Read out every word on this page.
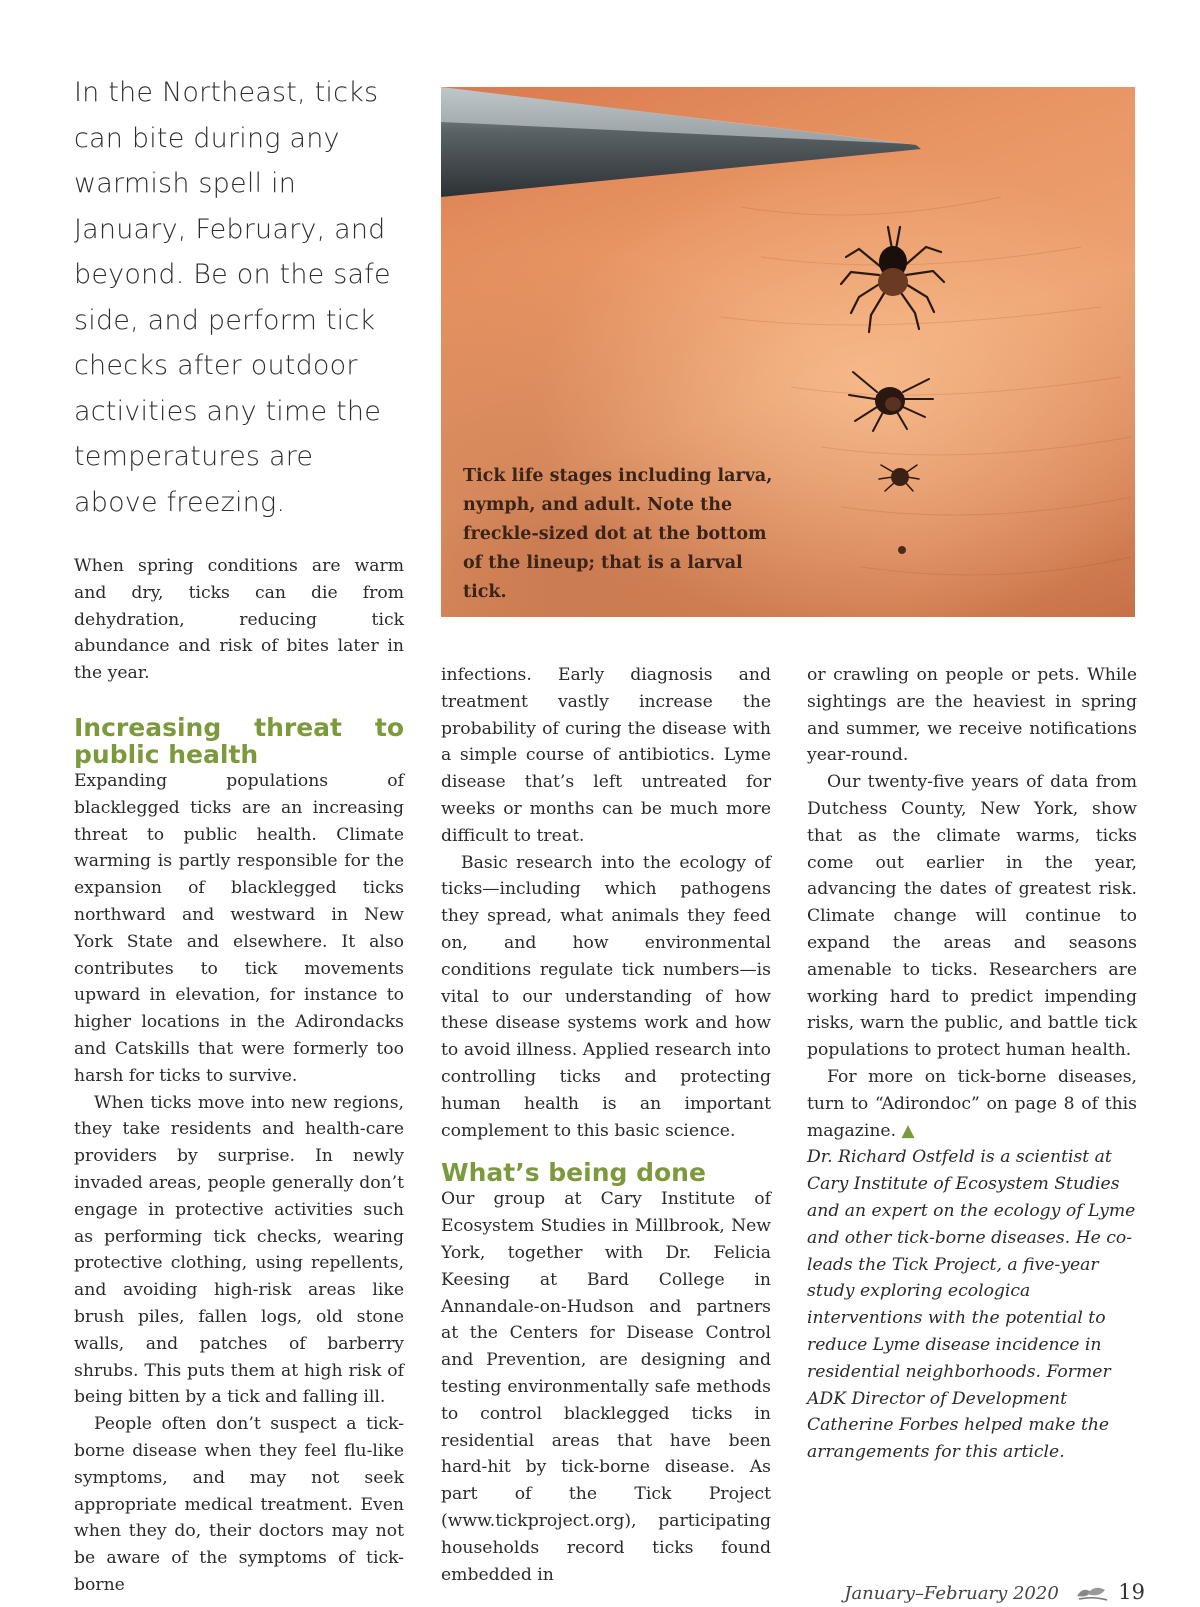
In the Northeast, ticks can bite during any warmish spell in January, February, and beyond. Be on the safe side, and perform tick checks after outdoor activities any time the temperatures are above freezing.
Tick life stages including larva, nymph, and adult. Note the freckle-sized dot at the bottom of the lineup; that is a larval tick.

When spring conditions are warm and dry, ticks can die from dehydration, reducing tick abundance and risk of bites later in the year.

Increasing threat to public health

Expanding populations of blacklegged ticks are an increasing threat to public health. Climate warming is partly responsible for the expansion of blacklegged ticks northward and westward in New York State and elsewhere. It also contributes to tick movements upward in elevation, for instance to higher locations in the Adirondacks and Catskills that were formerly too harsh for ticks to survive.

When ticks move into new regions, they take residents and health-care providers by surprise. In newly invaded areas, people generally don’t engage in protective activities such as performing tick checks, wearing protective clothing, using repellents, and avoiding high-risk areas like brush piles, fallen logs, old stone walls, and patches of barberry shrubs. This puts them at high risk of being bitten by a tick and falling ill.

People often don’t suspect a tick-borne disease when they feel flu-like symptoms, and may not seek appropriate medical treatment. Even when they do, their doctors may not be aware of the symptoms of tick-borne

infections. Early diagnosis and treatment vastly increase the probability of curing the disease with a simple course of antibiotics. Lyme disease that’s left untreated for weeks or months can be much more difficult to treat.

Basic research into the ecology of ticks—including which pathogens they spread, what animals they feed on, and how environmental conditions regulate tick numbers—is vital to our understanding of how these disease systems work and how to avoid illness. Applied research into controlling ticks and protecting human health is an important complement to this basic science.

What’s being done

Our group at Cary Institute of Ecosystem Studies in Millbrook, New York, together with Dr. Felicia Keesing at Bard College in Annandale-on-Hudson and partners at the Centers for Disease Control and Prevention, are designing and testing environmentally safe methods to control blacklegged ticks in residential areas that have been hard-hit by tick-borne disease. As part of the Tick Project (www.tickproject.org), participating households record ticks found embedded in

or crawling on people or pets. While sightings are the heaviest in spring and summer, we receive notifications year-round.

Our twenty-five years of data from Dutchess County, New York, show that as the climate warms, ticks come out earlier in the year, advancing the dates of greatest risk. Climate change will continue to expand the areas and seasons amenable to ticks. Researchers are working hard to predict impending risks, warn the public, and battle tick populations to protect human health.

For more on tick-borne diseases, turn to “Adirondoc” on page 8 of this magazine. ▲

Dr. Richard Ostfeld is a scientist at Cary Institute of Ecosystem Studies and an expert on the ecology of Lyme and other tick-borne diseases. He co-leads the Tick Project, a five-year study exploring ecologica interventions with the potential to reduce Lyme disease incidence in residential neighborhoods. Former ADK Director of Development Catherine Forbes helped make the arrangements for this article.

January–February 2020	19
